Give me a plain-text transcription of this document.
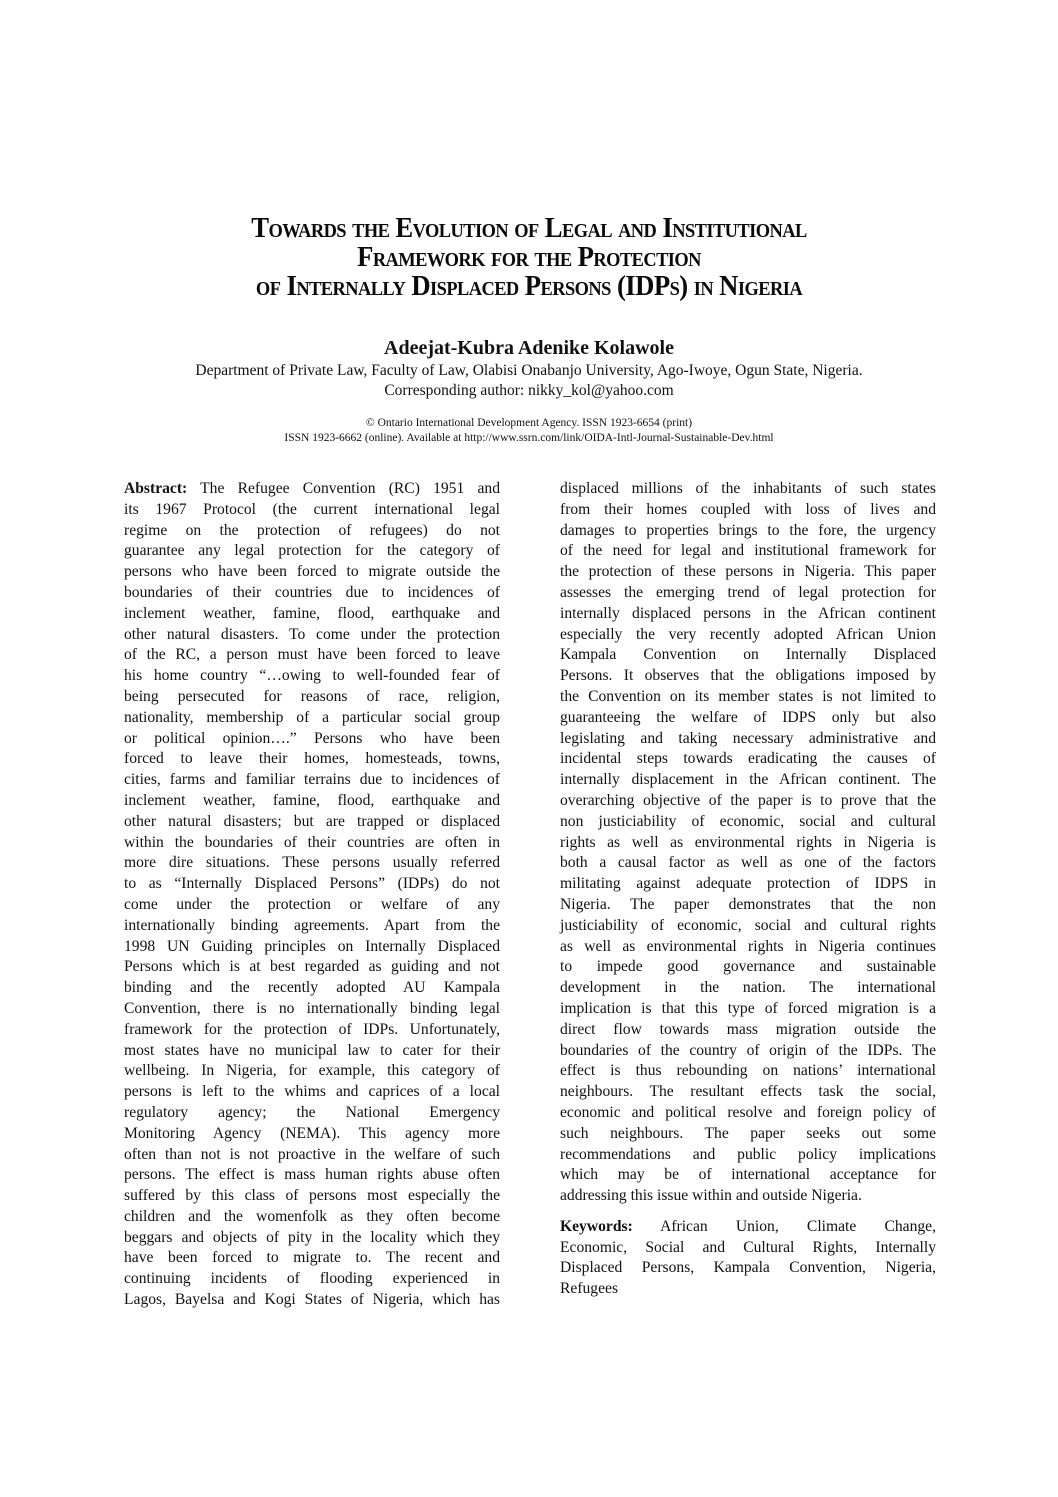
Towards the Evolution of Legal and Institutional
Framework for the Protection
of Internally Displaced Persons (IDPs) in Nigeria
Adeejat-Kubra Adenike Kolawole
Department of Private Law, Faculty of Law, Olabisi Onabanjo University, Ago-Iwoye, Ogun State, Nigeria.
Corresponding author: nikky_kol@yahoo.com
© Ontario International Development Agency. ISSN 1923-6654 (print)
ISSN 1923-6662 (online). Available at http://www.ssrn.com/link/OIDA-Intl-Journal-Sustainable-Dev.html
Abstract: The Refugee Convention (RC) 1951 and
its 1967 Protocol (the current international legal
regime on the protection of refugees) do not
guarantee any legal protection for the category of
persons who have been forced to migrate outside the
boundaries of their countries due to incidences of
inclement weather, famine, flood, earthquake and
other natural disasters. To come under the protection
of the RC, a person must have been forced to leave
his home country “…owing to well-founded fear of
being persecuted for reasons of race, religion,
nationality, membership of a particular social group
or political opinion….” Persons who have been
forced to leave their homes, homesteads, towns,
cities, farms and familiar terrains due to incidences of
inclement weather, famine, flood, earthquake and
other natural disasters; but are trapped or displaced
within the boundaries of their countries are often in
more dire situations. These persons usually referred
to as “Internally Displaced Persons” (IDPs) do not
come under the protection or welfare of any
internationally binding agreements. Apart from the
1998 UN Guiding principles on Internally Displaced
Persons which is at best regarded as guiding and not
binding and the recently adopted AU Kampala
Convention, there is no internationally binding legal
framework for the protection of IDPs. Unfortunately,
most states have no municipal law to cater for their
wellbeing. In Nigeria, for example, this category of
persons is left to the whims and caprices of a local
regulatory agency; the National Emergency
Monitoring Agency (NEMA). This agency more
often than not is not proactive in the welfare of such
persons. The effect is mass human rights abuse often
suffered by this class of persons most especially the
children and the womenfolk as they often become
beggars and objects of pity in the locality which they
have been forced to migrate to. The recent and
continuing incidents of flooding experienced in
Lagos, Bayelsa and Kogi States of Nigeria, which has
displaced millions of the inhabitants of such states
from their homes coupled with loss of lives and
damages to properties brings to the fore, the urgency
of the need for legal and institutional framework for
the protection of these persons in Nigeria. This paper
assesses the emerging trend of legal protection for
internally displaced persons in the African continent
especially the very recently adopted African Union
Kampala Convention on Internally Displaced
Persons. It observes that the obligations imposed by
the Convention on its member states is not limited to
guaranteeing the welfare of IDPS only but also
legislating and taking necessary administrative and
incidental steps towards eradicating the causes of
internally displacement in the African continent. The
overarching objective of the paper is to prove that the
non justiciability of economic, social and cultural
rights as well as environmental rights in Nigeria is
both a causal factor as well as one of the factors
militating against adequate protection of IDPS in
Nigeria. The paper demonstrates that the non
justiciability of economic, social and cultural rights
as well as environmental rights in Nigeria continues
to impede good governance and sustainable
development in the nation. The international
implication is that this type of forced migration is a
direct flow towards mass migration outside the
boundaries of the country of origin of the IDPs. The
effect is thus rebounding on nations’ international
neighbours. The resultant effects task the social,
economic and political resolve and foreign policy of
such neighbours. The paper seeks out some
recommendations and public policy implications
which may be of international acceptance for
addressing this issue within and outside Nigeria.
Keywords: African Union, Climate Change,
Economic, Social and Cultural Rights, Internally
Displaced Persons, Kampala Convention, Nigeria,
Refugees
